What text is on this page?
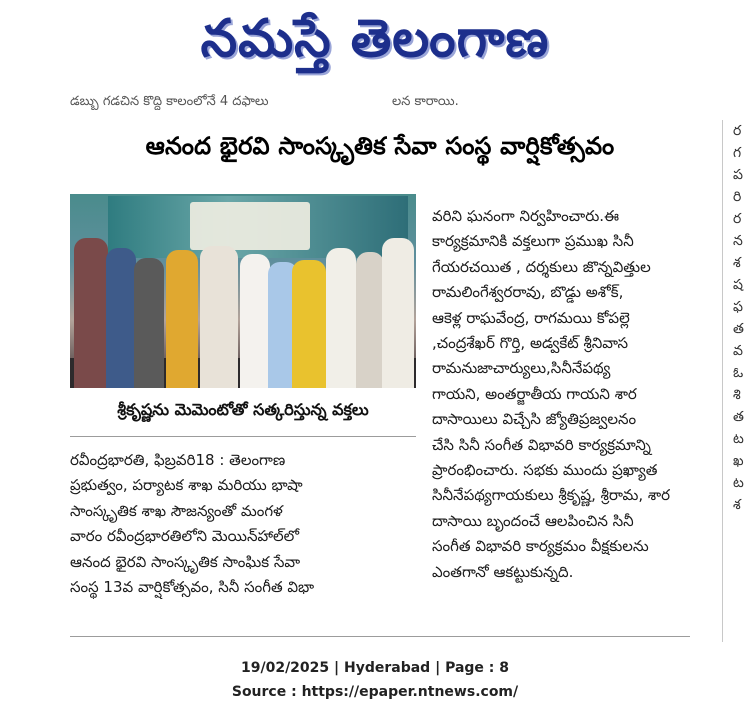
నమస్తే తెలంగాణ
డబ్బు గడచిన కొద్ది కాలంలోనే 4 దఫాలు	లన కారాయి.
ఆనంద భైరవి సాంస్కృతిక సేవా సంస్థ వార్షికోత్సవం
శ్రీకృష్ణను మెమెంటోతో సత్కరిస్తున్న వక్తలు
రవీంద్రభారతి, ఫిబ్రవరి18 : తెలంగాణ
ప్రభుత్వం, పర్యాటక శాఖ మరియు భాషా
సాంస్కృతిక శాఖ సౌజన్యంతో మంగళ
వారం రవీంద్రభారతిలోని మెయిన్‌హాల్‌లో
ఆనంద భైరవి సాంస్కృతిక సాంఘిక సేవా
సంస్థ 13వ వార్షికోత్సవం, సినీ సంగీత విభా
వరిని ఘనంగా నిర్వహించారు.ఈ
కార్యక్రమానికి వక్తలుగా ప్రముఖ సినీ
గేయరచయిత , దర్శకులు జొన్నవిత్తుల
రామలింగేశ్వరరావు, బొడ్డు అశోక్,
ఆకెళ్ల రాఘవేంద్ర, రాగమయి కోపల్లె
,చంద్రశేఖర్ గొర్తి, అడ్వకేట్ శ్రీనివాస
రామనుజాచార్యులు,సినీనేపథ్య
గాయని, అంతర్జాతీయ గాయని శార
దాసాయిలు విచ్చేసి జ్యోతిప్రజ్వలనం
చేసి సినీ సంగీత విభావరి కార్యక్రమాన్ని
ప్రారంభించారు. సభకు ముందు ప్రఖ్యాత
సినీనేపథ్యగాయకులు శ్రీకృష్ణ, శ్రీరామ, శార
దాసాయి బృందంచే ఆలపించిన సినీ
సంగీత విభావరి కార్యక్రమం వీక్షకులను
ఎంతగానో ఆకట్టుకున్నది.
ర
గ
ప
రి
ర
న
శ
ష
ఫ
త
వ
ఓ
శి
త
ట
ఖ
ట
శ
19/02/2025 | Hyderabad | Page : 8
Source : https://epaper.ntnews.com/
